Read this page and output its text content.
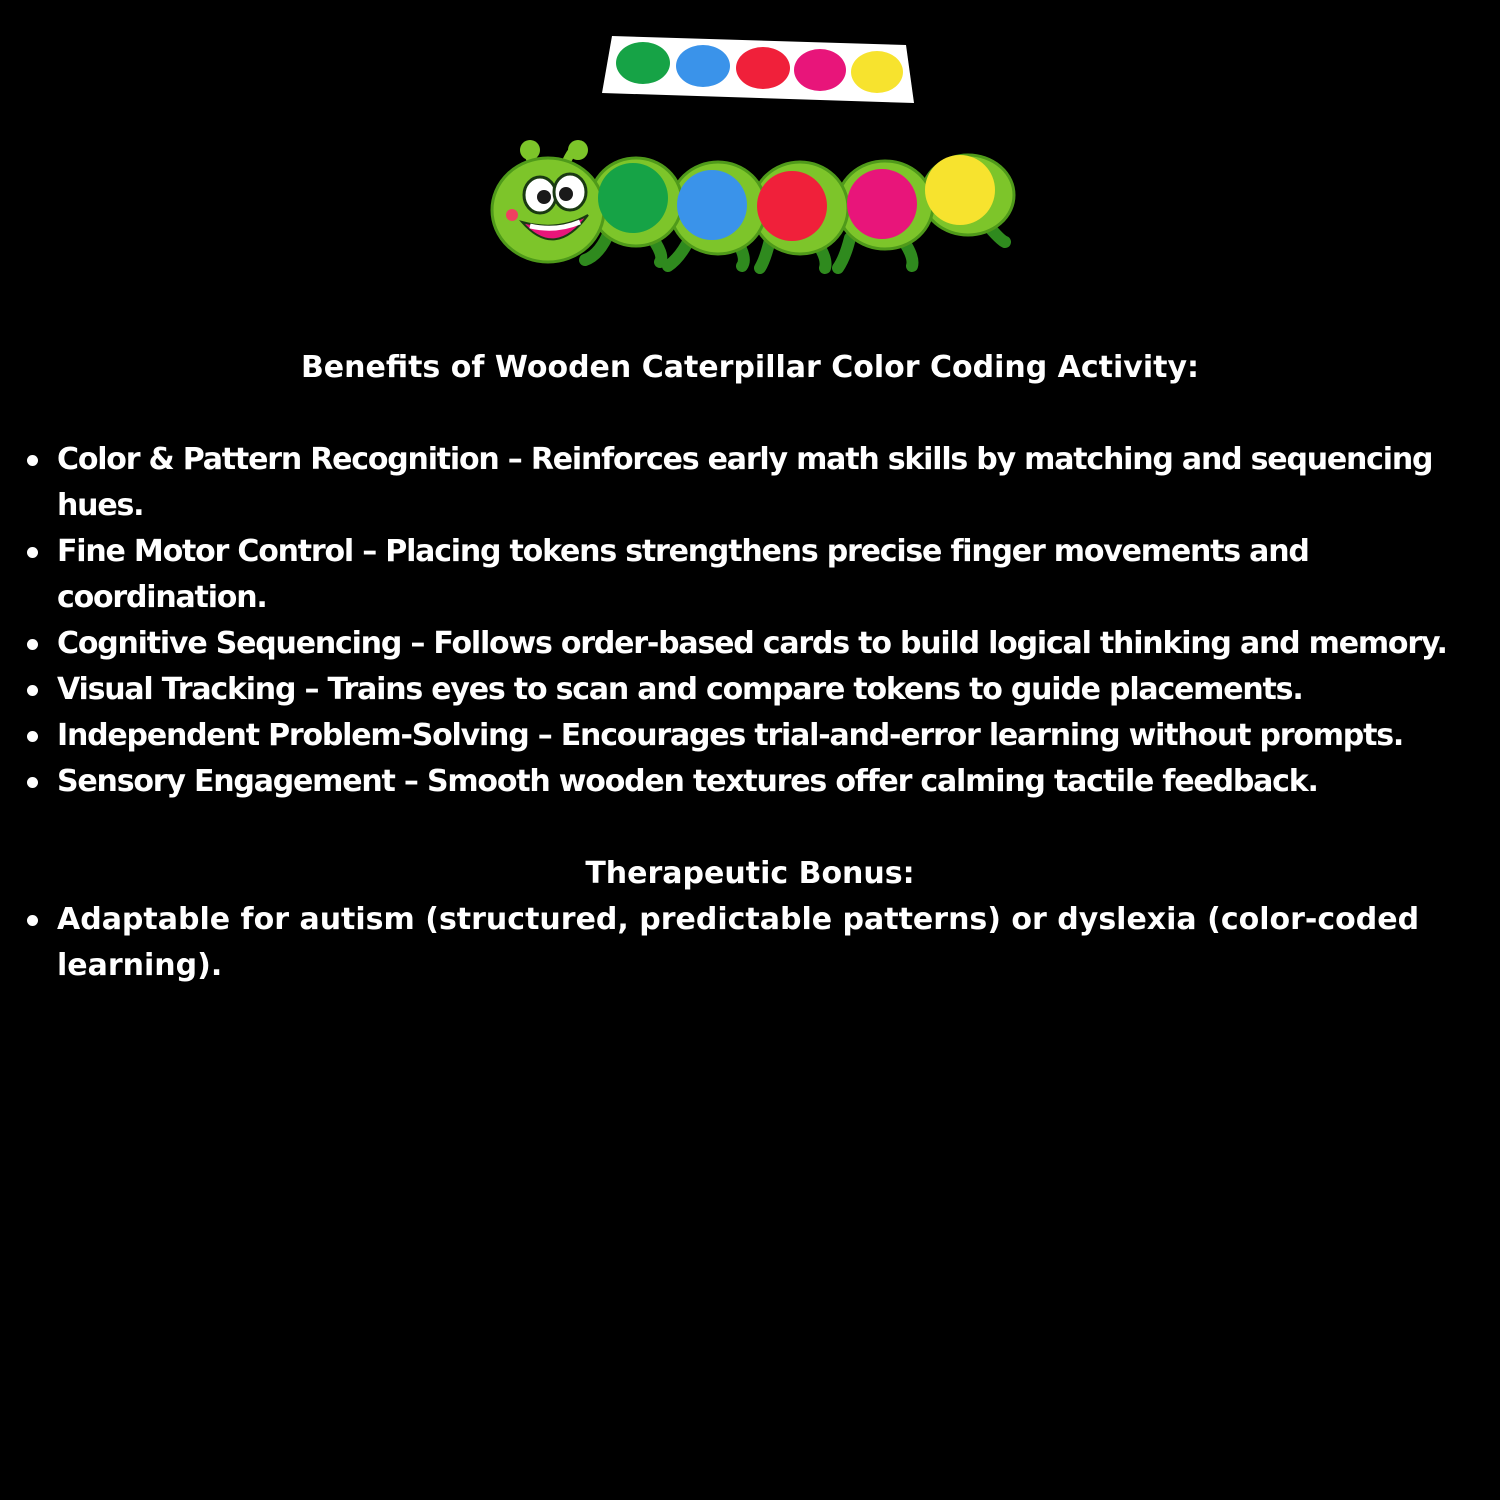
Benefits of Wooden Caterpillar Color Coding Activity:
Color & Pattern Recognition – Reinforces early math skills by matching and sequencing hues.
Fine Motor Control – Placing tokens strengthens precise finger movements and coordination.
Cognitive Sequencing – Follows order-based cards to build logical thinking and memory.
Visual Tracking – Trains eyes to scan and compare tokens to guide placements.
Independent Problem-Solving – Encourages trial-and-error learning without prompts.
Sensory Engagement – Smooth wooden textures offer calming tactile feedback.
Therapeutic Bonus:
Adaptable for autism (structured, predictable patterns) or dyslexia (color-coded learning).
